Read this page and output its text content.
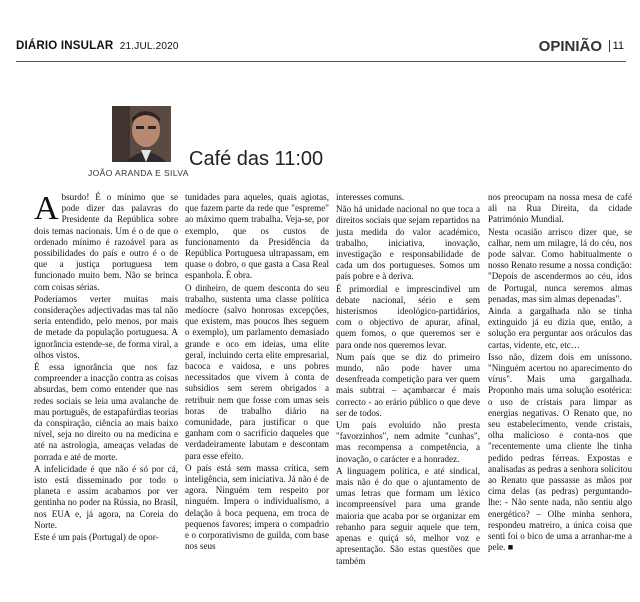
DIÁRIO INSULAR 21.JUL.2020	OPINIÃO 11
JOÃO ARANDA E SILVA
Café das 11:00

Absurdo! É o mínimo que se pode dizer das palavras do Presidente da República sobre dois temas nacionais. Um é o de que o ordenado mínimo é razoável para as possibilidades do país e outro é o de que a justiça portuguesa tem funcionado muito bem. Não se brinca com coisas sérias.

Poderíamos verter muitas mais considerações adjectivadas mas tal não seria entendido, pelo menos, por mais de metade da população portuguesa. A ignorância estende-se, de forma viral, a olhos vistos.

É essa ignorância que nos faz compreender a inacção contra as coisas absurdas, bem como entender que nas redes sociais se leia uma avalanche de mau português, de estapafúrdias teorias da conspiração, ciência ao mais baixo nível, seja no direito ou na medicina e até na astrologia, ameaças veladas de porrada e até de morte.

A infelicidade é que não é só por cá, isto está disseminado por todo o planeta e assim acabamos por ver gentinha no poder na Rússia, no Brasil, nos EUA e, já agora, na Coreia do Norte.

Este é um país (Portugal) de opor-

tunidades para aqueles, quais agiotas, que fazem parte da rede que "espreme" ao máximo quem trabalha. Veja-se, por exemplo, que os custos de funcionamento da Presidência da República Portuguesa ultrapassam, em quase o dobro, o que gasta a Casa Real espanhola. É obra.

O dinheiro, de quem desconta do seu trabalho, sustenta uma classe política medíocre (salvo honrosas excepções, que existem, mas poucos lhes seguem o exemplo), um parlamento demasiado grande e oco em ideias, uma elite geral, incluindo certa elite empresarial, bacoca e vaidosa, e uns pobres necessitados que vivem à conta de subsídios sem serem obrigados a retribuir nem que fosse com umas seis horas de trabalho diário na comunidade, para justificar o que ganham com o sacrifício daqueles que verdadeiramente labutam e descontam para esse efeito.

O país está sem massa crítica, sem inteligência, sem iniciativa. Já não é de agora. Ninguém tem respeito por ninguém. Impera o individualismo, a delação à boca pequena, em troca de pequenos favores; impera o compadrio e o corporativismo de guilda, com base nos seus

interesses comuns.

Não há unidade nacional no que toca a direitos sociais que sejam repartidos na justa medida do valor académico, trabalho, iniciativa, inovação, investigação e responsabilidade de cada um dos portugueses. Somos um país pobre e à deriva.

É primordial e imprescindível um debate nacional, sério e sem histerismos ideológico-partidários, com o objectivo de apurar, afinal, quem fomos, o que queremos ser e para onde nos queremos levar.

Num país que se diz do primeiro mundo, não pode haver uma desenfreada competição para ver quem mais subtrai – açambarcar é mais correcto - ao erário público o que deve ser de todos.

Um país evoluído não presta "favorzinhos", nem admite "cunhas", mas recompensa a competência, a inovação, o carácter e a honradez.

A linguagem política, e até sindical, mais não é do que o ajuntamento de umas letras que formam um léxico incompreensível para uma grande maioria que acaba por se organizar em rebanho para seguir aquele que tem, apenas e quiçá só, melhor voz e apresentação. São estas questões que também

nos preocupam na nossa mesa de café ali na Rua Direita, da cidade Património Mundial.

Nesta ocasião arrisco dizer que, se calhar, nem um milagre, lá do céu, nos pode salvar. Como habitualmente o nosso Renato resume a nossa condição: "Depois de ascendermos ao céu, idos de Portugal, nunca seremos almas penadas, mas sim almas depenadas".

Ainda a gargalhada não se tinha extinguido já eu dizia que, então, a solução era perguntar aos oráculos das cartas, vidente, etc, etc…

Isso não, dizem dois em uníssono. "Ninguém acertou no aparecimento do vírus". Mais uma gargalhada. Proponho mais uma solução esotérica: o uso de cristais para limpar as energias negativas. O Renato que, no seu estabelecimento, vende cristais, olha malicioso e conta-nos que "recentemente uma cliente lhe tinha pedido pedras férreas. Expostas e analisadas as pedras a senhora solicitou ao Renato que passasse as mãos por cima delas (as pedras) perguntando-lhe: - Não sente nada, não sentiu algo energético? – Olhe minha senhora, respondeu matreiro, a única coisa que senti foi o bico de uma a arranhar-me a pele. ■
